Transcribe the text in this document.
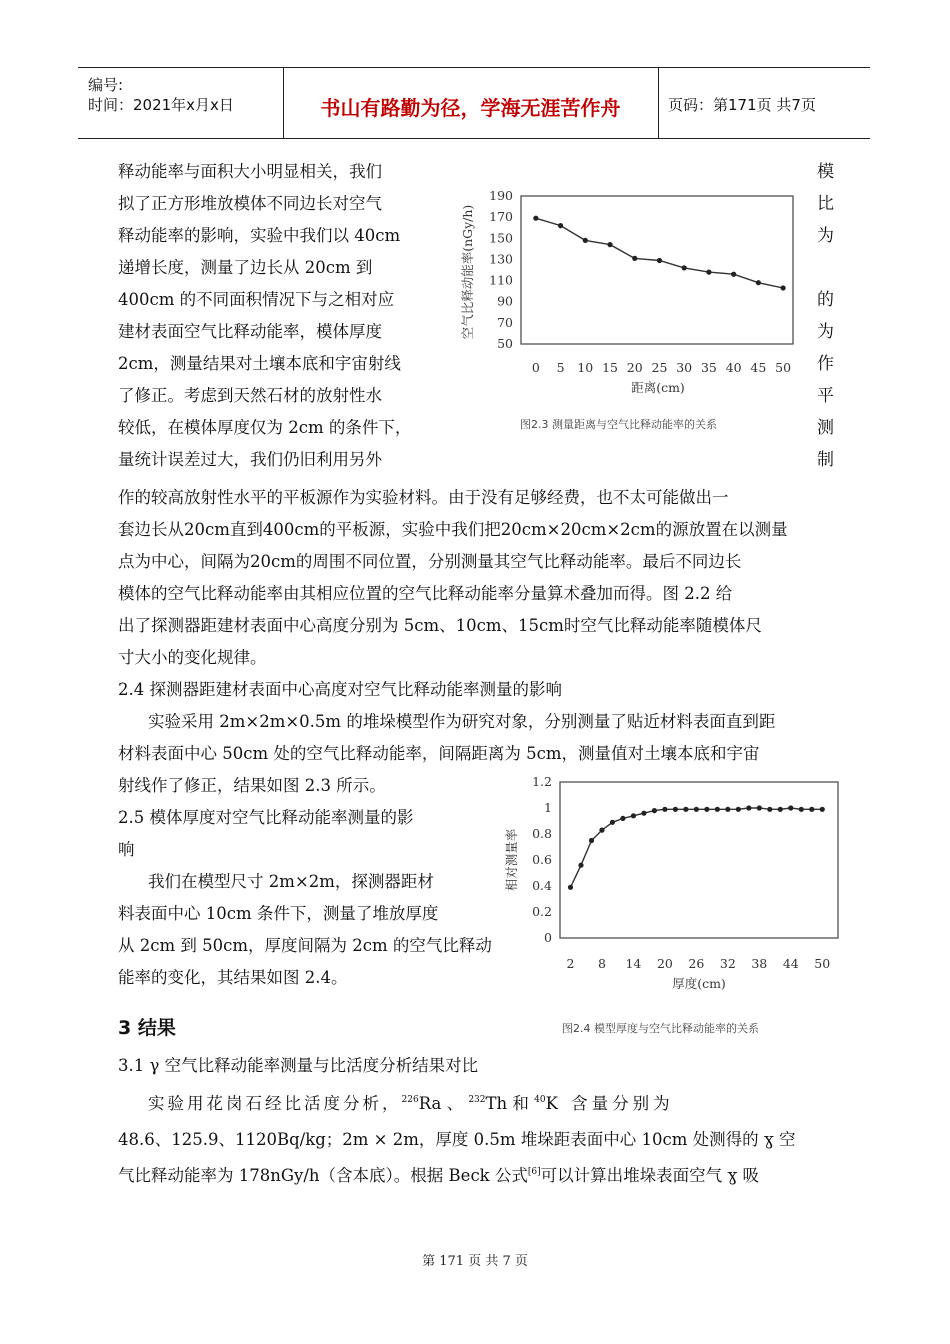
编号:
时间：2021年x月x日	书山有路勤为径，学海无涯苦作舟	页码：第171页 共7页
释动能率与面积大小明显相关，我们
拟了正方形堆放模体不同边长对空气
释动能率的影响，实验中我们以 40cm
递增长度，测量了边长从 20cm 到
400cm 的不同面积情况下与之相对应
建材表面空气比释动能率，模体厚度
2cm，测量结果对土壤本底和宇宙射线
了修正。考虑到天然石材的放射性水
较低，在模体厚度仅为 2cm 的条件下，
量统计误差过大，我们仍旧利用另外
模
比
为
的
为
作
平
测
制
空气比释动能率(nGy/h)
190
170
150
130
110
90
70
50
0 5 10 15 20 25 30 35 40 45 50
距离(cm)
图2.3 测量距离与空气比释动能率的关系
作的较高放射性水平的平板源作为实验材料。由于没有足够经费，也不太可能做出一
套边长从20cm直到400cm的平板源，实验中我们把20cm×20cm×2cm的源放置在以测量
点为中心，间隔为20cm的周围不同位置，分别测量其空气比释动能率。最后不同边长
模体的空气比释动能率由其相应位置的空气比释动能率分量算术叠加而得。图 2.2 给
出了探测器距建材表面中心高度分别为 5cm、10cm、15cm时空气比释动能率随模体尺
寸大小的变化规律。
2.4 探测器距建材表面中心高度对空气比释动能率测量的影响
实验采用 2m×2m×0.5m 的堆垛模型作为研究对象，分别测量了贴近材料表面直到距
材料表面中心 50cm 处的空气比释动能率，间隔距离为 5cm，测量值对土壤本底和宇宙
射线作了修正，结果如图 2.3 所示。
2.5 模体厚度对空气比释动能率测量的影
响
我们在模型尺寸 2m×2m，探测器距材
料表面中心 10cm 条件下，测量了堆放厚度
从 2cm 到 50cm，厚度间隔为 2cm 的空气比释动
能率的变化，其结果如图 2.4。
相对测量率
1.2
1
0.8
0.6
0.4
0.2
0
2 8 14 20 26 32 38 44 50
厚度(cm)
图2.4 模型厚度与空气比释动能率的关系
3 结果
3.1 γ 空气比释动能率测量与比活度分析结果对比
实验用花岗石经比活度分析，$^{226}$Ra 、 $^{232}$Th 和 $^{40}$K 含量分别为
48.6、125.9、1120Bq/kg；2m × 2m，厚度 0.5m 堆垛距表面中心 10cm 处测得的 ɣ 空
气比释动能率为 178nGy/h（含本底）。根据 Beck 公式[6]可以计算出堆垛表面空气 ɣ 吸
第 171 页 共 7 页
